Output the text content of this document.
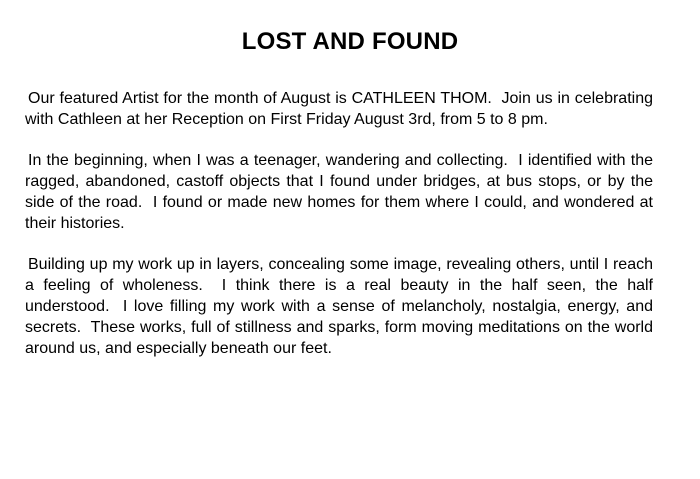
LOST AND FOUND

Our featured Artist for the month of August is CATHLEEN THOM.  Join us in celebrating with Cathleen at her Reception on First Friday August 3rd, from 5 to 8 pm.

In the beginning, when I was a teenager, wandering and collecting.  I identified with the ragged, abandoned, castoff objects that I found under bridges, at bus stops, or by the side of the road.  I found or made new homes for them where I could, and wondered at their histories.

Building up my work up in layers, concealing some image, revealing others, until I reach a feeling of wholeness.  I think there is a real beauty in the half seen, the half understood.  I love filling my work with a sense of melancholy, nostalgia, energy, and secrets.  These works, full of stillness and sparks, form moving meditations on the world around us, and especially beneath our feet.
